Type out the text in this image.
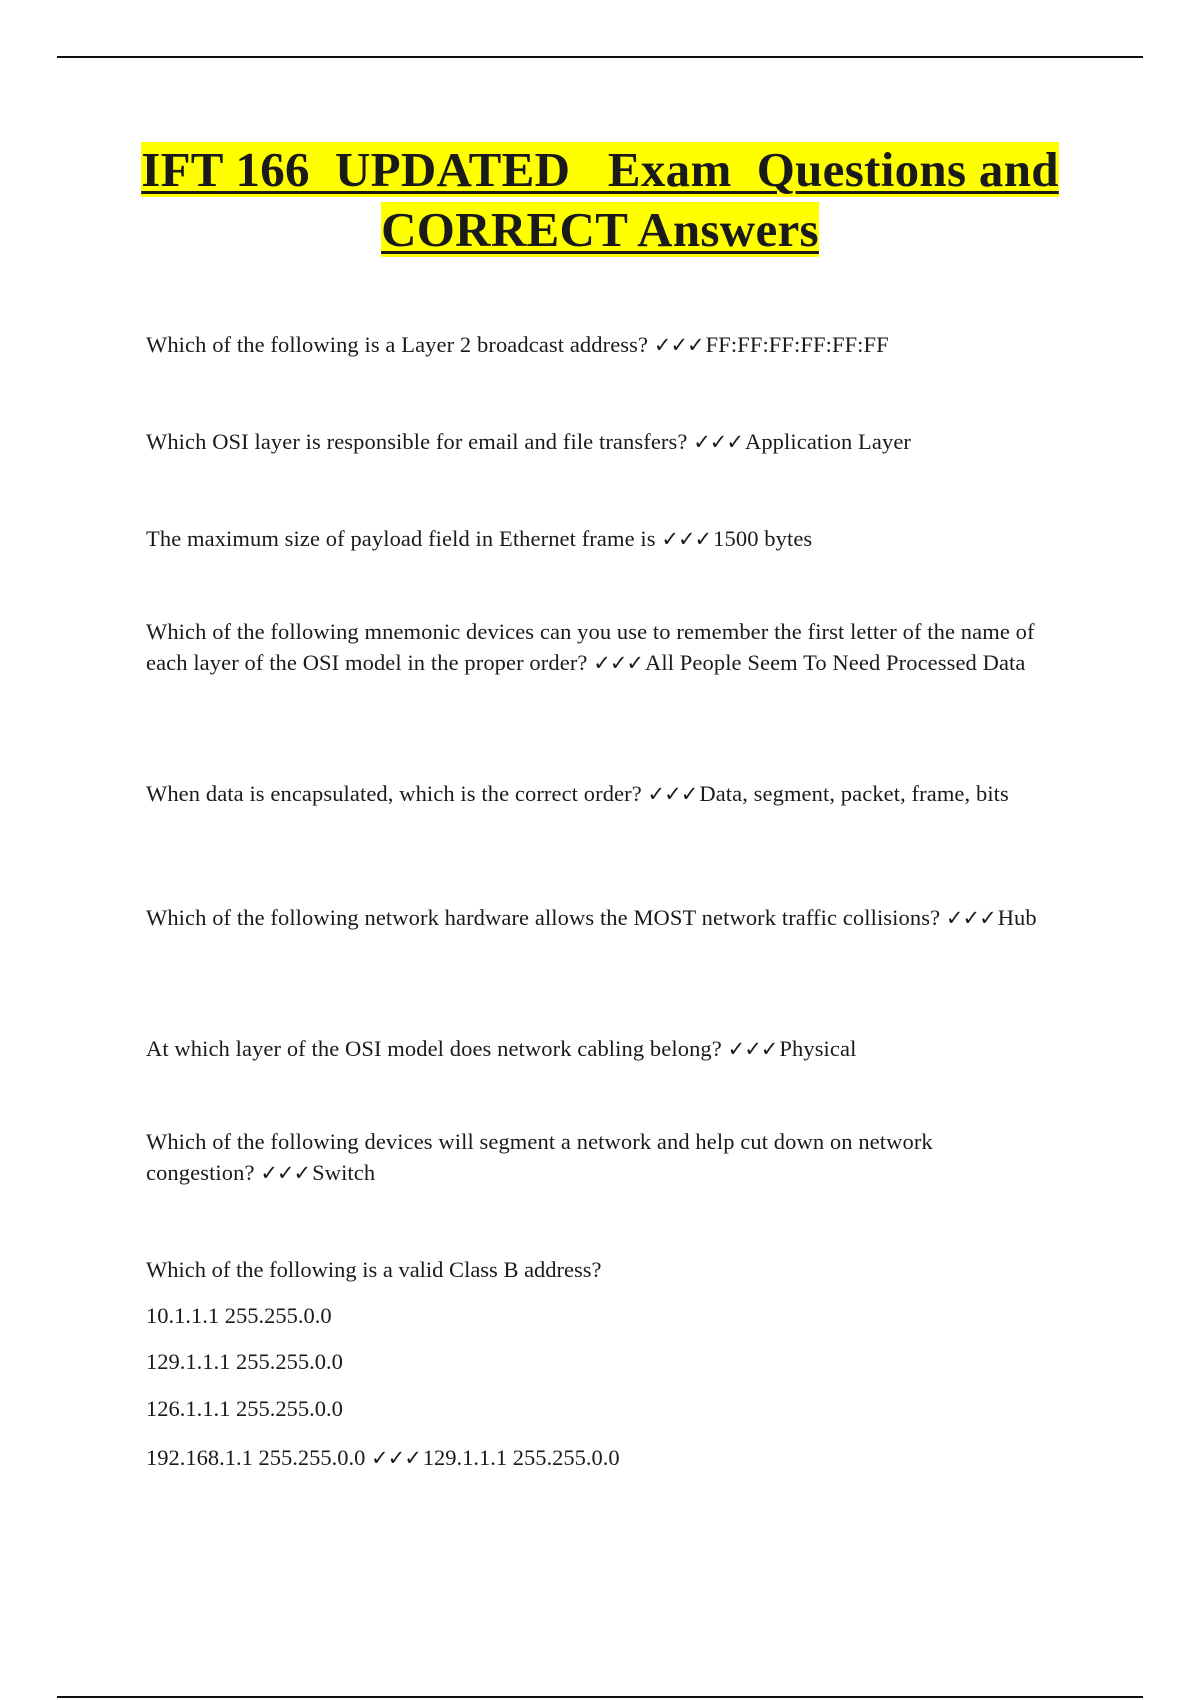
IFT 166  UPDATED   Exam  Questions and
CORRECT Answers

Which of the following is a Layer 2 broadcast address? ✓✓✓FF:FF:FF:FF:FF:FF

Which OSI layer is responsible for email and file transfers? ✓✓✓Application Layer

The maximum size of payload field in Ethernet frame is ✓✓✓1500 bytes

Which of the following mnemonic devices can you use to remember the first letter of the name of each layer of the OSI model in the proper order? ✓✓✓All People Seem To Need Processed Data

When data is encapsulated, which is the correct order? ✓✓✓Data, segment, packet, frame, bits

Which of the following network hardware allows the MOST network traffic collisions? ✓✓✓Hub

At which layer of the OSI model does network cabling belong? ✓✓✓Physical

Which of the following devices will segment a network and help cut down on network congestion? ✓✓✓Switch

Which of the following is a valid Class B address?

10.1.1.1 255.255.0.0

129.1.1.1 255.255.0.0

126.1.1.1 255.255.0.0

192.168.1.1 255.255.0.0 ✓✓✓129.1.1.1 255.255.0.0
